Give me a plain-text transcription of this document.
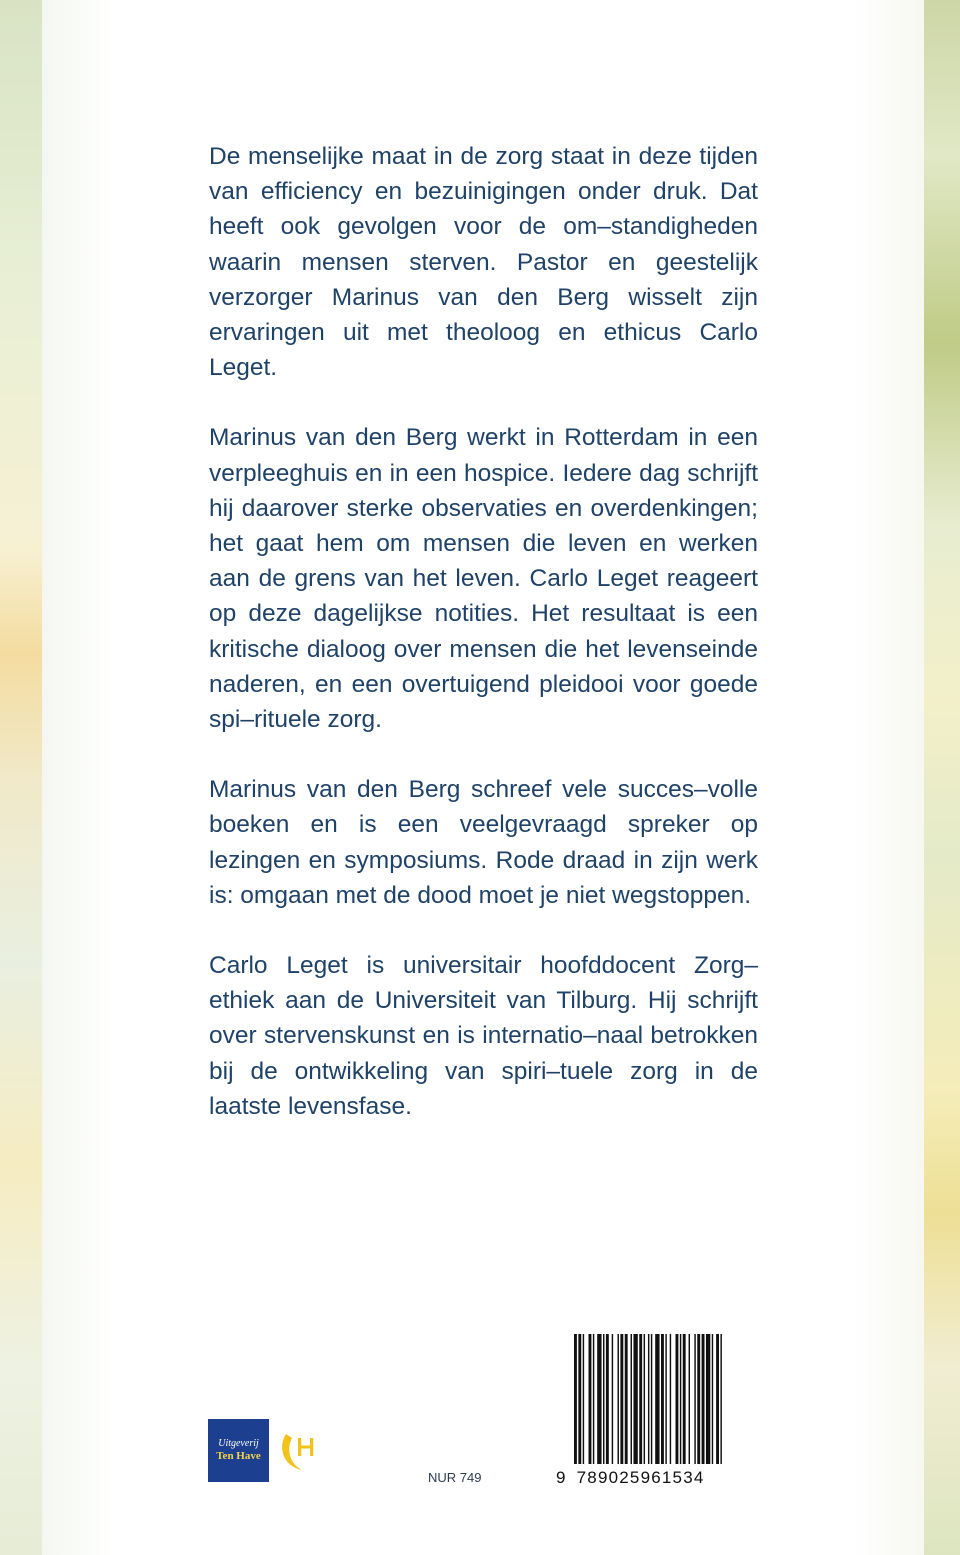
De menselijke maat in de zorg staat in deze tijden van efficiency en bezuinigingen onder druk. Dat heeft ook gevolgen voor de om–standigheden waarin mensen sterven. Pastor en geestelijk verzorger Marinus van den Berg wisselt zijn ervaringen uit met theoloog en ethicus Carlo Leget.

Marinus van den Berg werkt in Rotterdam in een verpleeghuis en in een hospice. Iedere dag schrijft hij daarover sterke observaties en overdenkingen; het gaat hem om mensen die leven en werken aan de grens van het leven. Carlo Leget reageert op deze dagelijkse notities. Het resultaat is een kritische dialoog over mensen die het levenseinde naderen, en een overtuigend pleidooi voor goede spi–rituele zorg.

Marinus van den Berg schreef vele succes–volle boeken en is een veelgevraagd spreker op lezingen en symposiums. Rode draad in zijn werk is: omgaan met de dood moet je niet wegstoppen.

Carlo Leget is universitair hoofddocent Zorg–ethiek aan de Universiteit van Tilburg. Hij schrijft over stervenskunst en is internatio–naal betrokken bij de ontwikkeling van spiri–tuele zorg in de laatste levensfase.

Uitgeverij
Ten Have
NUR 749	9 789025961534
